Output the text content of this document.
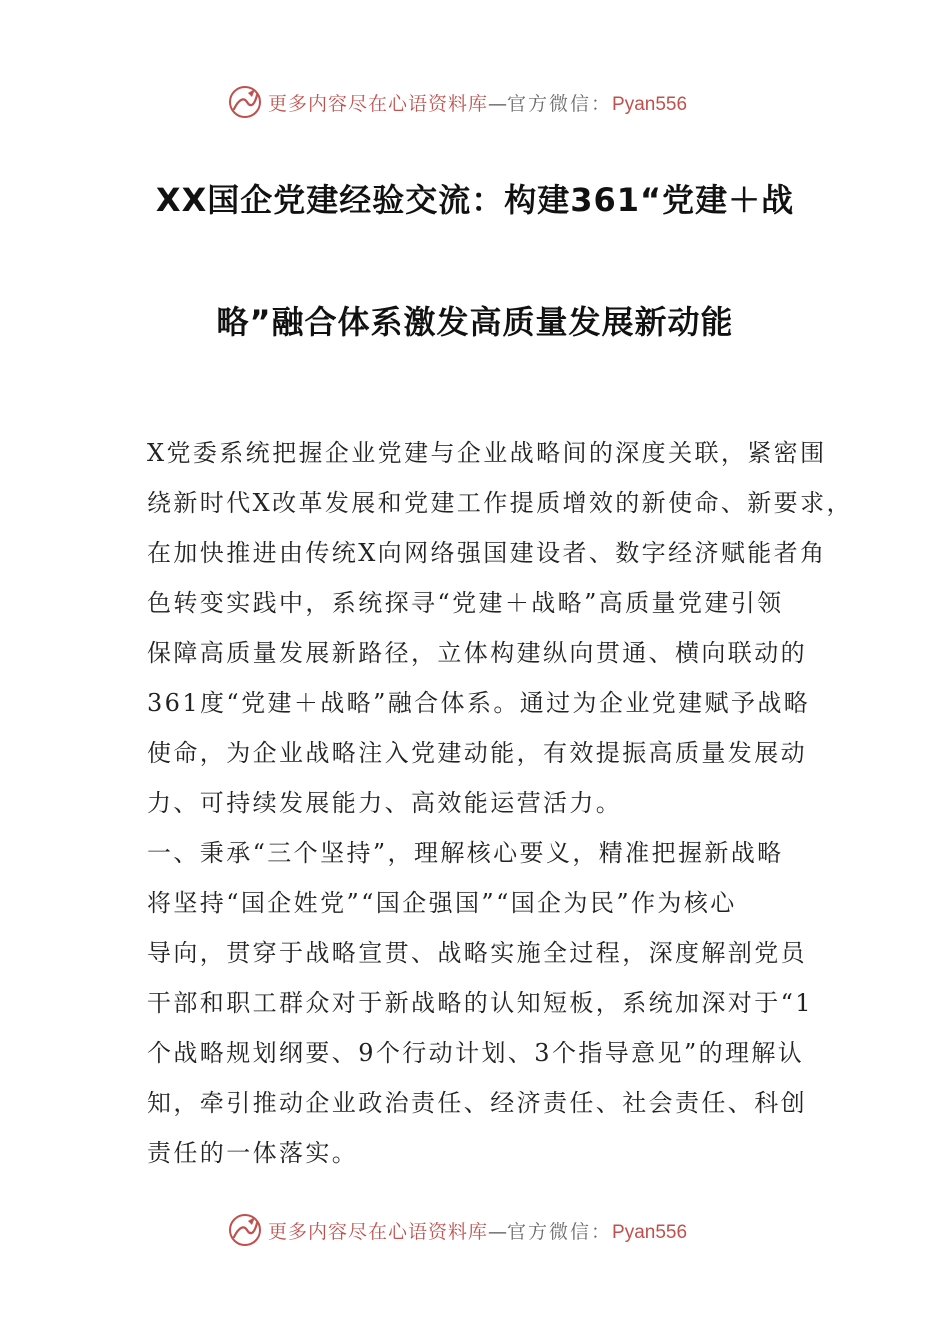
更多内容尽在心语资料库—官方微信：Pyan556
XX国企党建经验交流：构建361“党建＋战
略”融合体系激发高质量发展新动能
X党委系统把握企业党建与企业战略间的深度关联，紧密围
绕新时代X改革发展和党建工作提质增效的新使命、新要求，
在加快推进由传统X向网络强国建设者、数字经济赋能者角
色转变实践中，系统探寻“党建＋战略”高质量党建引领
保障高质量发展新路径，立体构建纵向贯通、横向联动的
361度“党建＋战略”融合体系。通过为企业党建赋予战略
使命，为企业战略注入党建动能，有效提振高质量发展动
力、可持续发展能力、高效能运营活力。
一、秉承“三个坚持”，理解核心要义，精准把握新战略
将坚持“国企姓党”“国企强国”“国企为民”作为核心
导向，贯穿于战略宣贯、战略实施全过程，深度解剖党员
干部和职工群众对于新战略的认知短板，系统加深对于“1
个战略规划纲要、9个行动计划、3个指导意见”的理解认
知，牵引推动企业政治责任、经济责任、社会责任、科创
责任的一体落实。
更多内容尽在心语资料库—官方微信：Pyan556
